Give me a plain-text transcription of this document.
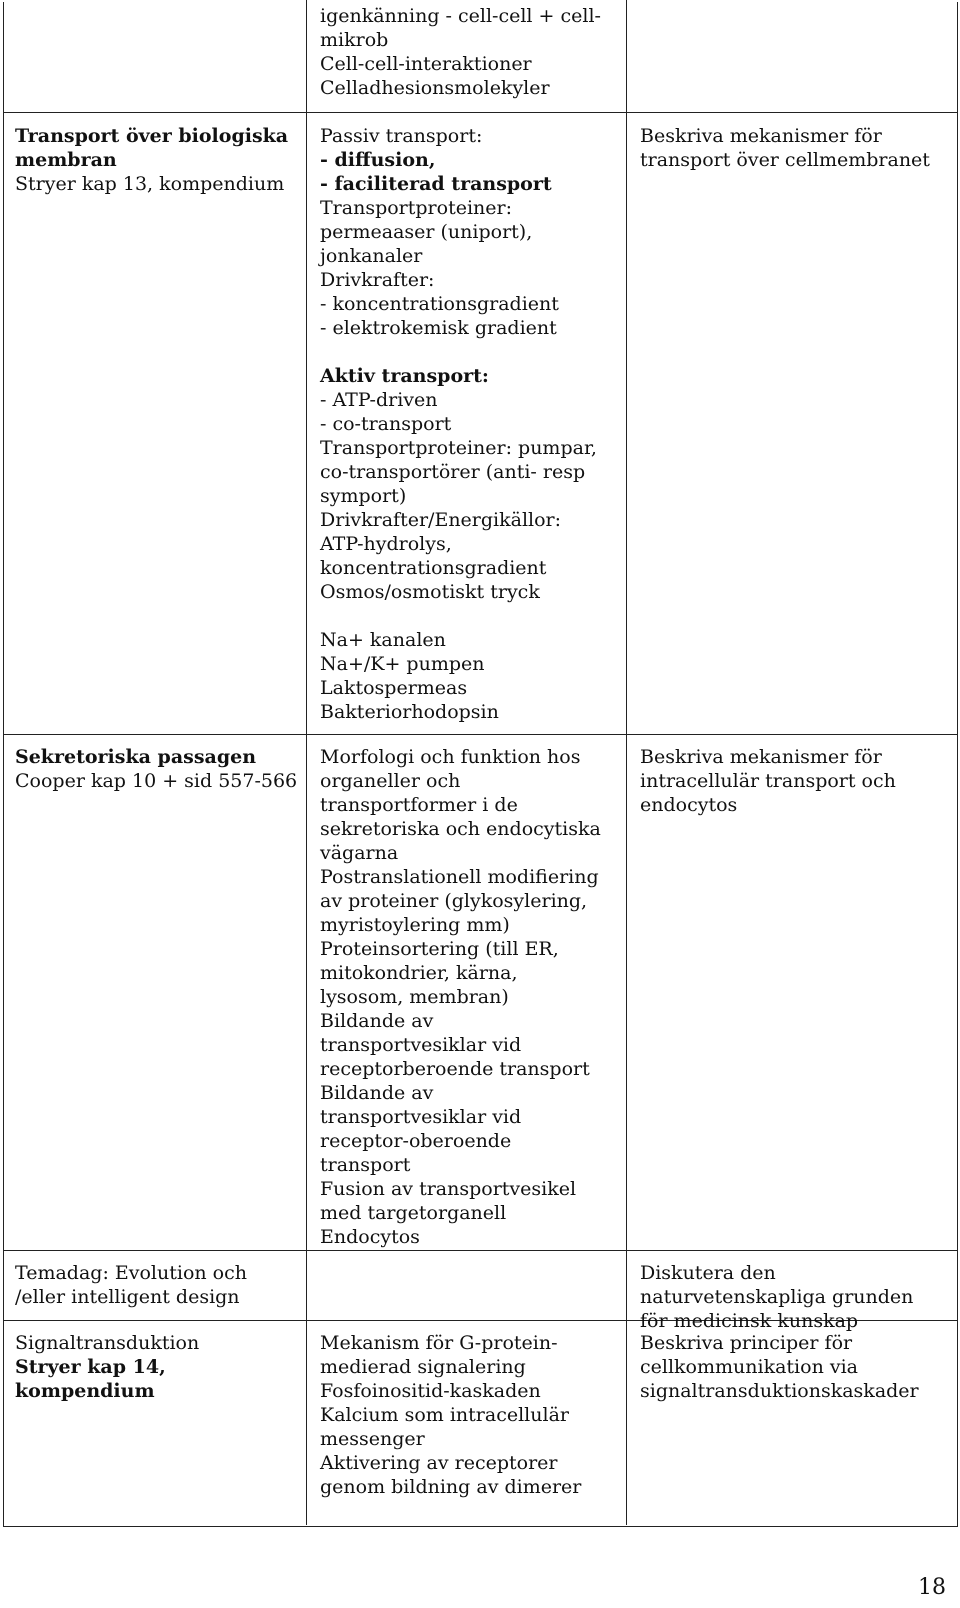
igenkänning - cell-cell + cell-
mikrob
Cell-cell-interaktioner
Celladhesionsmolekyler
Transport över biologiska
membran
Stryer kap 13, kompendium
Passiv transport:
- diffusion,
- faciliterad transport
Transportproteiner:
permeaaser (uniport),
jonkanaler
Drivkrafter:
- koncentrationsgradient
- elektrokemisk gradient
Aktiv transport:
- ATP-driven
- co-transport
Transportproteiner: pumpar,
co-transportörer (anti- resp
symport)
Drivkrafter/Energikällor:
ATP-hydrolys,
koncentrationsgradient
Osmos/osmotiskt tryck
Na+ kanalen
Na+/K+ pumpen
Laktospermeas
Bakteriorhodopsin
Beskriva mekanismer för
transport över cellmembranet
Sekretoriska passagen
Cooper kap 10 + sid 557-566
Morfologi och funktion hos
organeller och
transportformer i de
sekretoriska och endocytiska
vägarna
Postranslationell modifiering
av proteiner (glykosylering,
myristoylering mm)
Proteinsortering (till ER,
mitokondrier, kärna,
lysosom, membran)
Bildande av
transportvesiklar vid
receptorberoende transport
Bildande av
transportvesiklar vid
receptor-oberoende
transport
Fusion av transportvesikel
med targetorganell
Endocytos
Beskriva mekanismer för
intracellulär transport och
endocytos
Temadag: Evolution och
/eller intelligent design
Diskutera den
naturvetenskapliga grunden
för medicinsk kunskap
Signaltransduktion
Stryer kap 14,
kompendium
Mekanism för G-protein-
medierad signalering
Fosfoinositid-kaskaden
Kalcium som intracellulär
messenger
Aktivering av receptorer
genom bildning av dimerer
Beskriva principer för
cellkommunikation via
signaltransduktionskaskader
18
